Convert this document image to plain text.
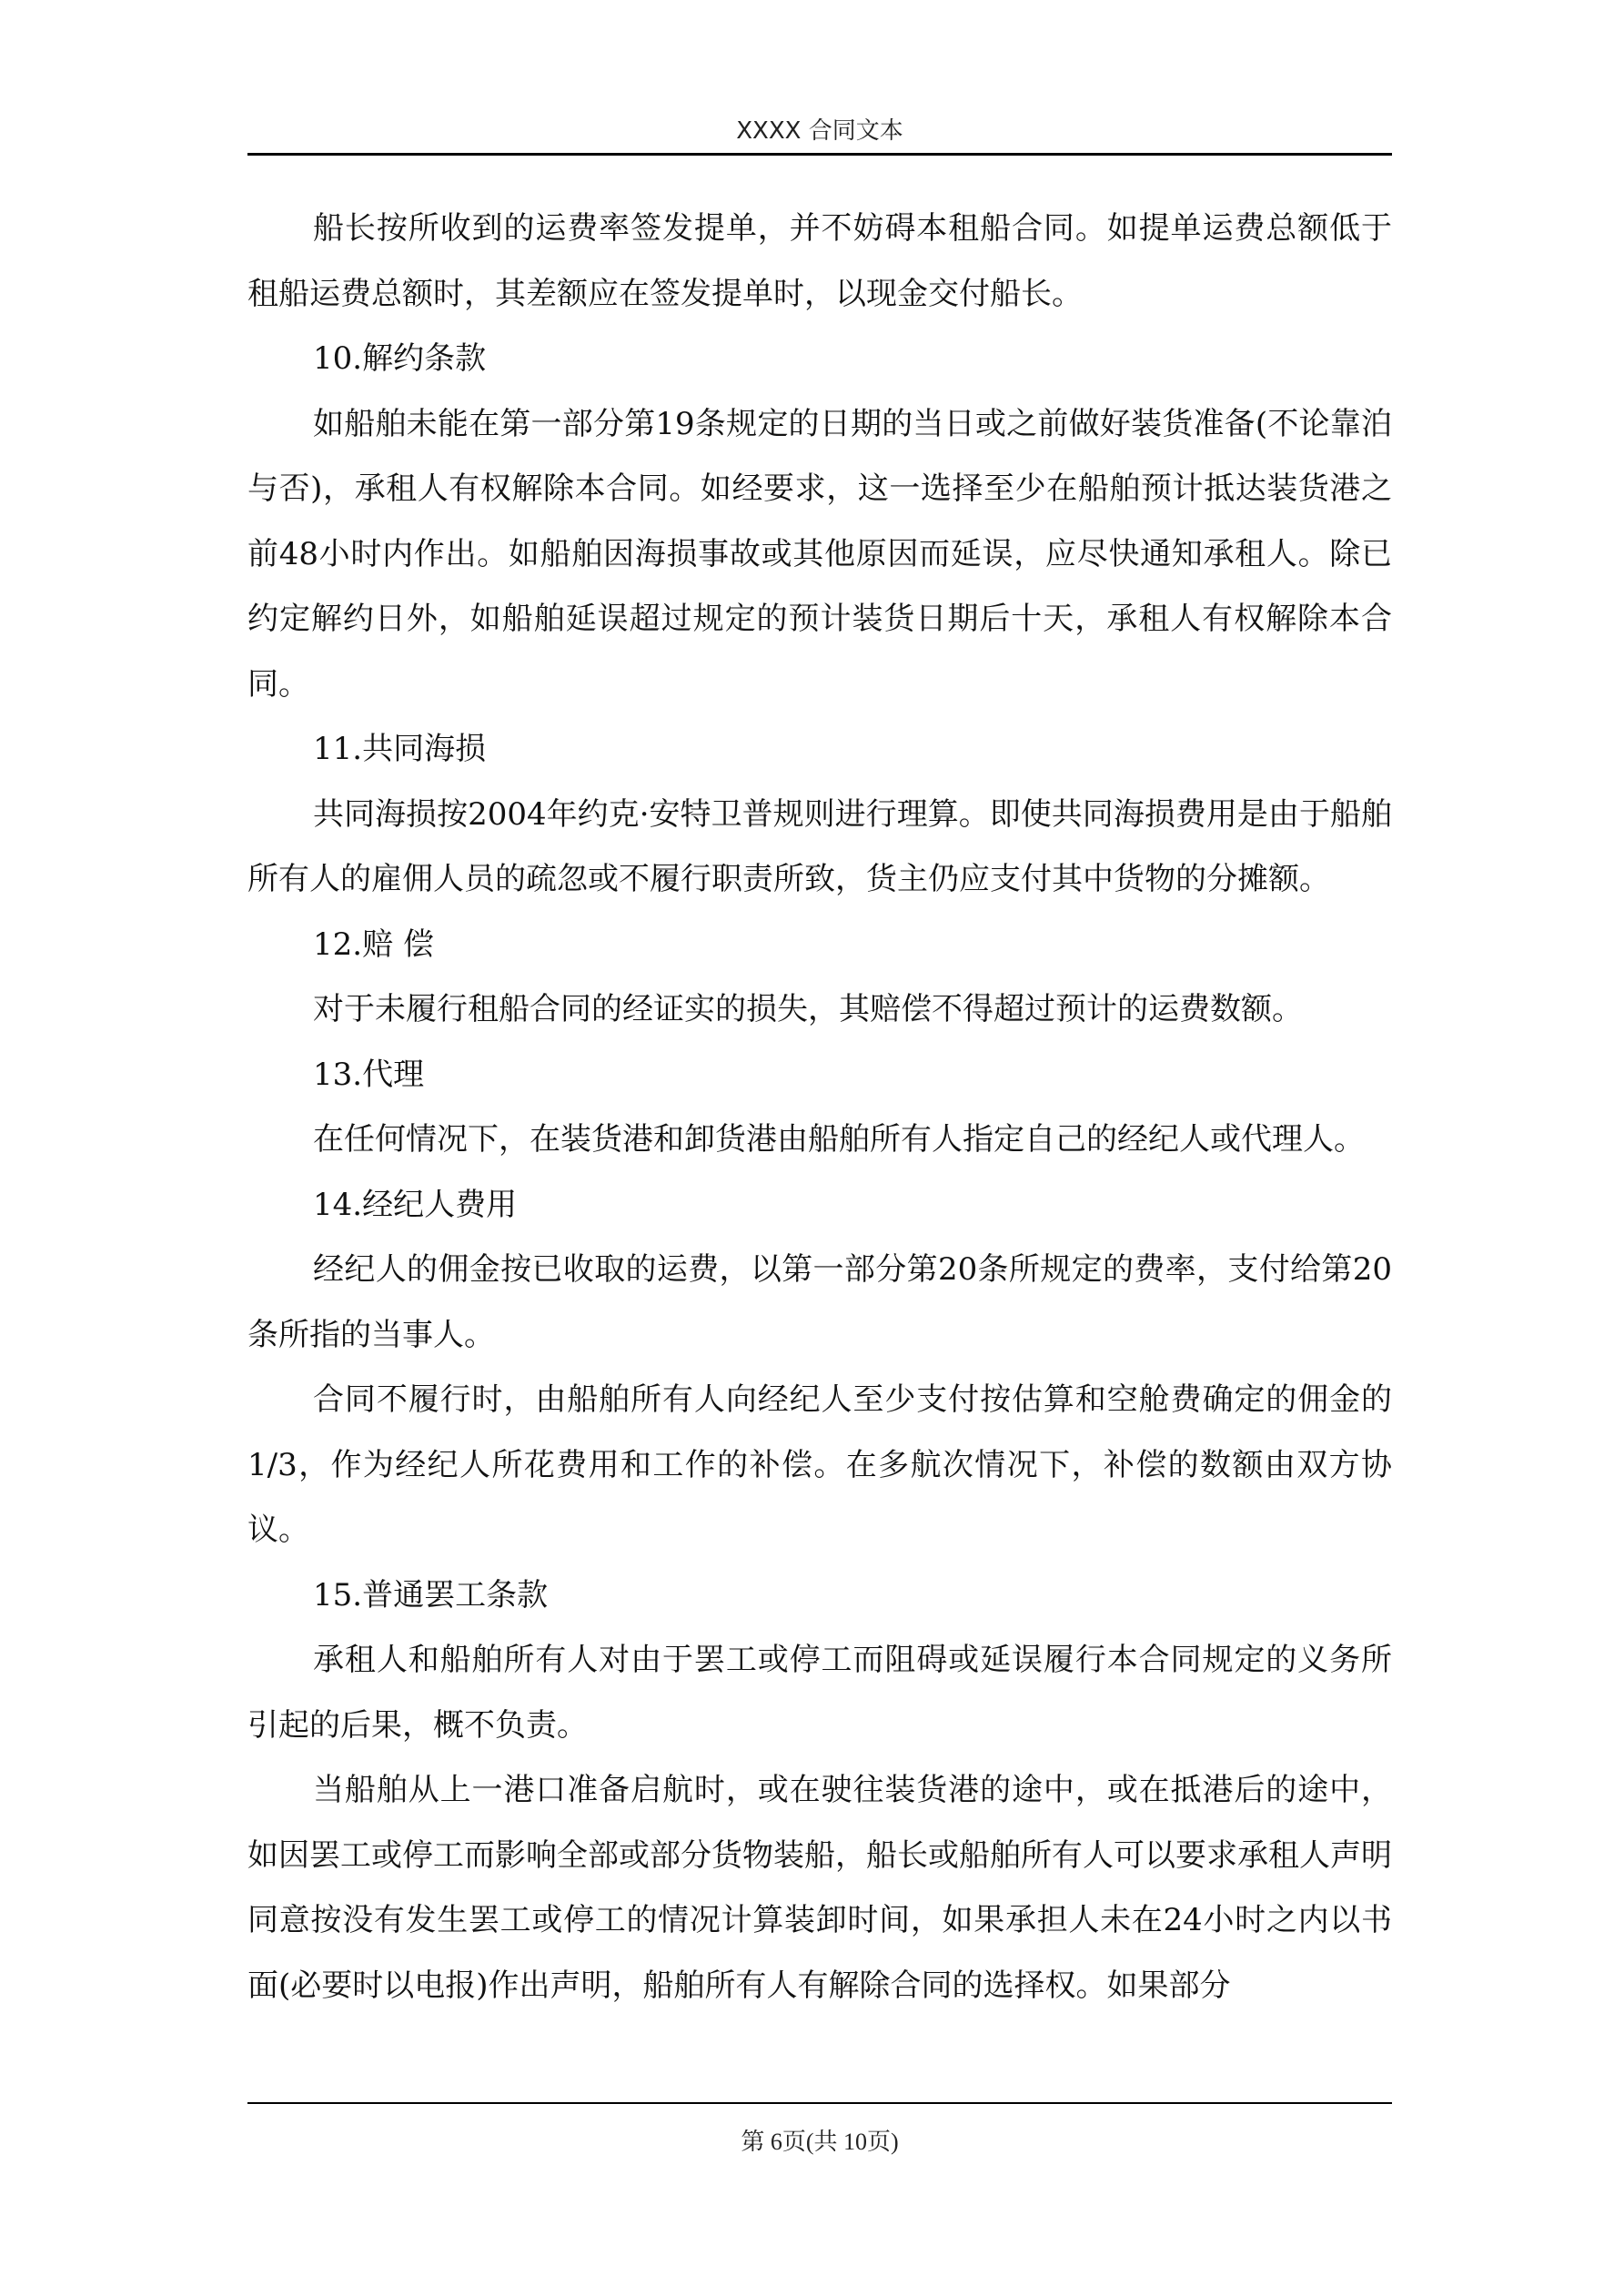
XXXX 合同文本

船长按所收到的运费率签发提单，并不妨碍本租船合同。如提单运费总额低于租船运费总额时，其差额应在签发提单时，以现金交付船长。

10.解约条款

如船舶未能在第一部分第19条规定的日期的当日或之前做好装货准备(不论靠泊与否)，承租人有权解除本合同。如经要求，这一选择至少在船舶预计抵达装货港之前48小时内作出。如船舶因海损事故或其他原因而延误，应尽快通知承租人。除已约定解约日外，如船舶延误超过规定的预计装货日期后十天，承租人有权解除本合同。

11.共同海损

共同海损按2004年约克·安特卫普规则进行理算。即使共同海损费用是由于船舶所有人的雇佣人员的疏忽或不履行职责所致，货主仍应支付其中货物的分摊额。

12.赔 偿

对于未履行租船合同的经证实的损失，其赔偿不得超过预计的运费数额。

13.代理

在任何情况下，在装货港和卸货港由船舶所有人指定自己的经纪人或代理人。

14.经纪人费用

经纪人的佣金按已收取的运费，以第一部分第20条所规定的费率，支付给第20条所指的当事人。

合同不履行时，由船舶所有人向经纪人至少支付按估算和空舱费确定的佣金的1/3，作为经纪人所花费用和工作的补偿。在多航次情况下，补偿的数额由双方协议。

15.普通罢工条款

承租人和船舶所有人对由于罢工或停工而阻碍或延误履行本合同规定的义务所引起的后果，概不负责。

当船舶从上一港口准备启航时，或在驶往装货港的途中，或在抵港后的途中，如因罢工或停工而影响全部或部分货物装船，船长或船舶所有人可以要求承租人声明同意按没有发生罢工或停工的情况计算装卸时间，如果承担人未在24小时之内以书面(必要时以电报)作出声明，船舶所有人有解除合同的选择权。如果部分

第 6页(共 10页)
